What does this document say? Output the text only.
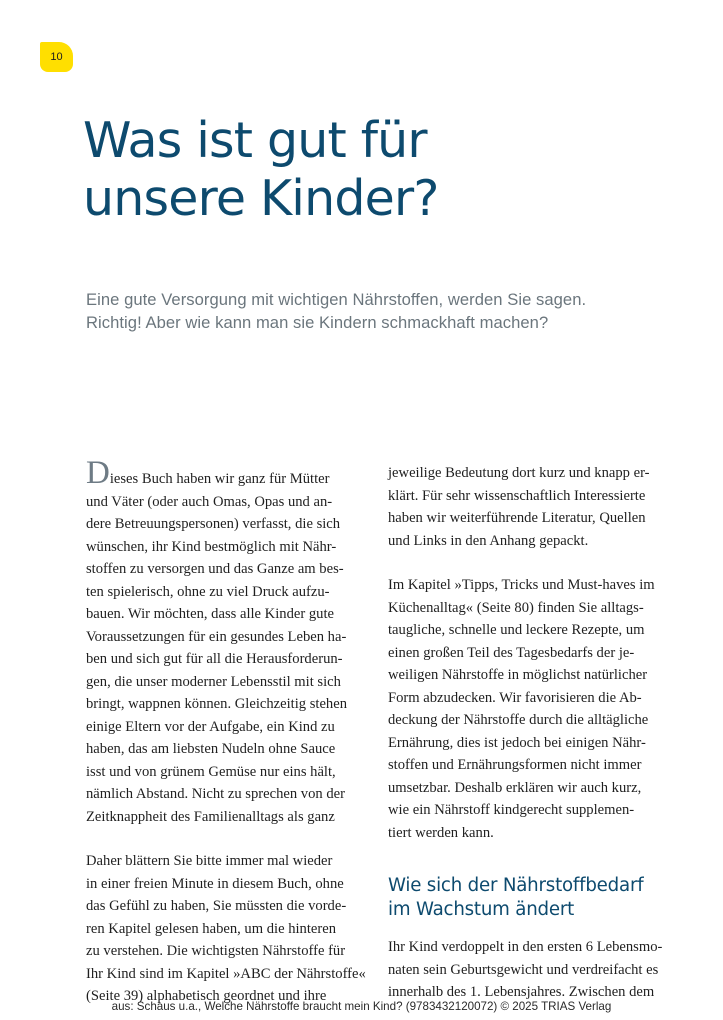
10
Was ist gut für
unsere Kinder?

Eine gute Versorgung mit wichtigen Nährstoffen, werden Sie sagen.
Richtig! Aber wie kann man sie Kindern schmackhaft machen?

Dieses Buch haben wir ganz für Mütter
und Väter (oder auch Omas, Opas und an-
dere Betreuungspersonen) verfasst, die sich
wünschen, ihr Kind bestmöglich mit Nähr-
stoffen zu versorgen und das Ganze am bes-
ten spielerisch, ohne zu viel Druck aufzu-
bauen. Wir möchten, dass alle Kinder gute
Voraussetzungen für ein gesundes Leben ha-
ben und sich gut für all die Herausforderun-
gen, die unser moderner Lebensstil mit sich
bringt, wappnen können. Gleichzeitig stehen
einige Eltern vor der Aufgabe, ein Kind zu
haben, das am liebsten Nudeln ohne Sauce
isst und von grünem Gemüse nur eins hält,
nämlich Abstand. Nicht zu sprechen von der
Zeitknappheit des Familienalltags als ganz

Daher blättern Sie bitte immer mal wieder
in einer freien Minute in diesem Buch, ohne
das Gefühl zu haben, Sie müssten die vorde-
ren Kapitel gelesen haben, um die hinteren
zu verstehen. Die wichtigsten Nährstoffe für
Ihr Kind sind im Kapitel »ABC der Nährstoffe«
(Seite 39) alphabetisch geordnet und ihre

jeweilige Bedeutung dort kurz und knapp er-
klärt. Für sehr wissenschaftlich Interessierte
haben wir weiterführende Literatur, Quellen
und Links in den Anhang gepackt.

Im Kapitel »Tipps, Tricks und Must-haves im
Küchenalltag« (Seite 80) finden Sie alltags-
taugliche, schnelle und leckere Rezepte, um
einen großen Teil des Tagesbedarfs der je-
weiligen Nährstoffe in möglichst natürlicher
Form abzudecken. Wir favorisieren die Ab-
deckung der Nährstoffe durch die alltägliche
Ernährung, dies ist jedoch bei einigen Nähr-
stoffen und Ernährungsformen nicht immer
umsetzbar. Deshalb erklären wir auch kurz,
wie ein Nährstoff kindgerecht supplemen-
tiert werden kann.

Wie sich der Nährstoffbedarf
im Wachstum ändert

Ihr Kind verdoppelt in den ersten 6 Lebensmo-
naten sein Geburtsgewicht und verdreifacht es
innerhalb des 1. Lebensjahres. Zwischen dem

aus: Schaus u.a., Welche Nährstoffe braucht mein Kind? (9783432120072) © 2025 TRIAS Verlag
